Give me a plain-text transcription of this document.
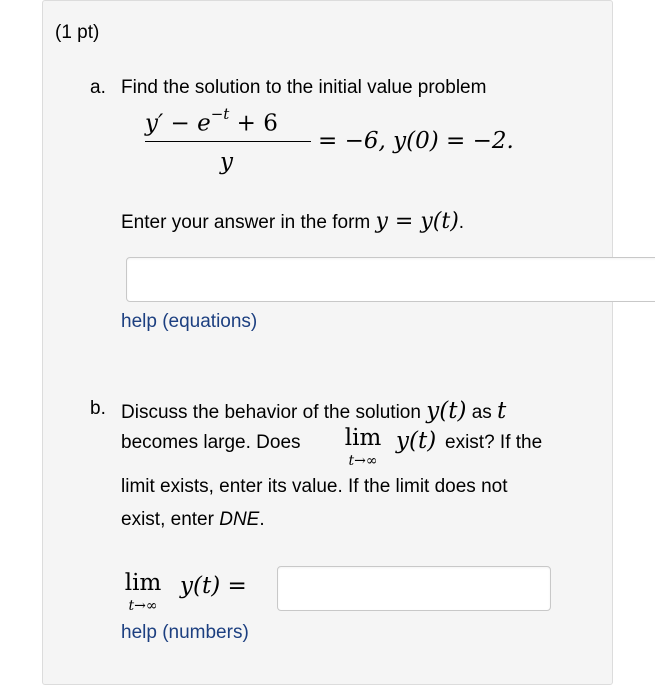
(1 pt)
a. Find the solution to the initial value problem
$y' - e^{-t} + 6$
y
= −6, y(0) = −2.
Enter your answer in the form y = y(t).
help (equations)
b. Discuss the behavior of the solution y(t) as t
becomes large. Does lim
t→∞
y(t) exist? If the
limit exists, enter its value. If the limit does not
exist, enter DNE.
lim
t→∞
y(t) =
help (numbers)
